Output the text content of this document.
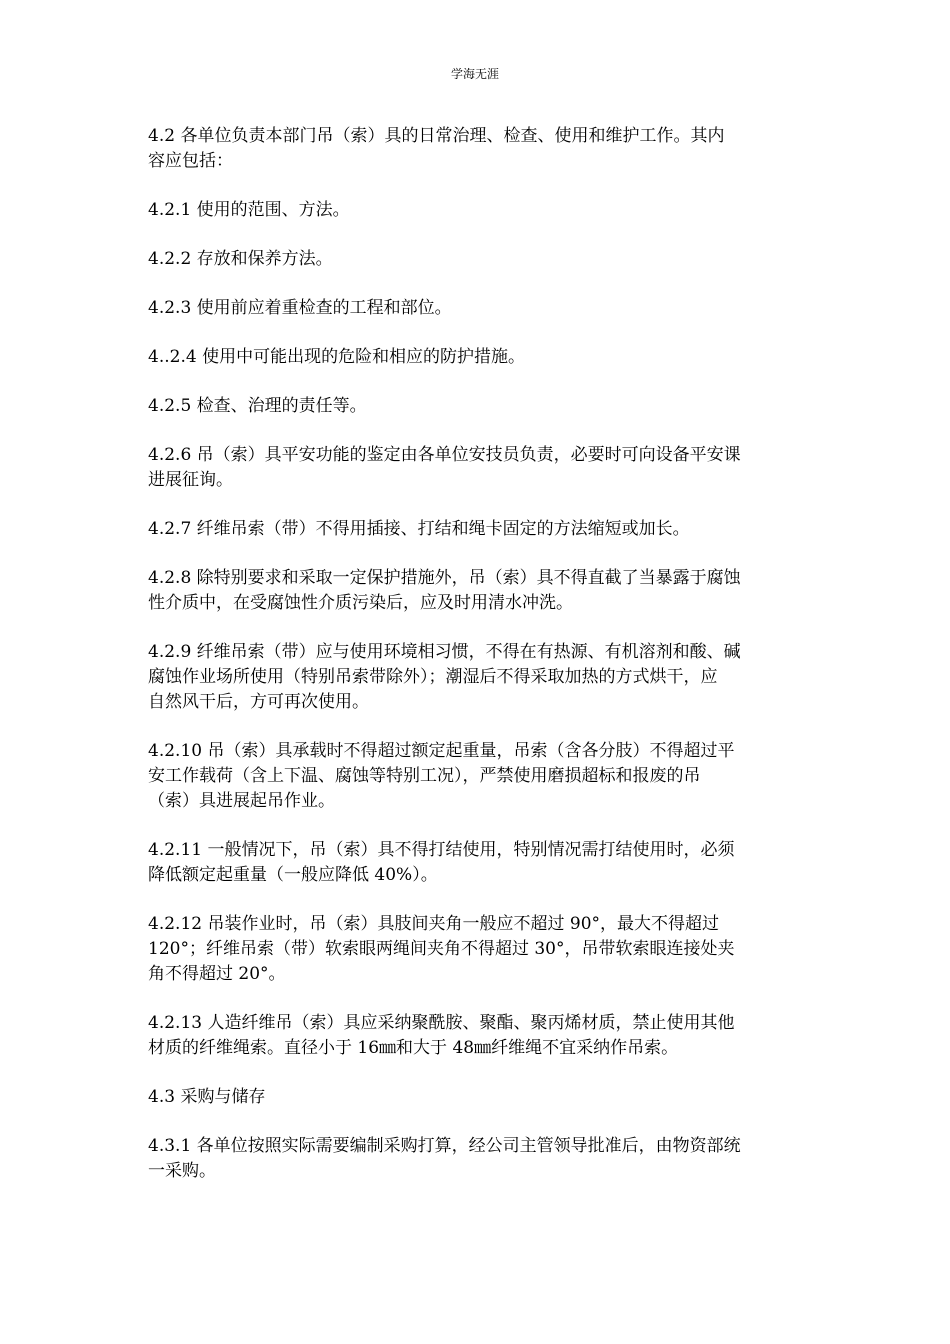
学海无涯

4.2 各单位负责本部门吊（索）具的日常治理、检查、使用和维护工作。其内
容应包括：

4.2.1 使用的范围、方法。

4.2.2 存放和保养方法。

4.2.3 使用前应着重检查的工程和部位。

4..2.4 使用中可能出现的危险和相应的防护措施。

4.2.5 检查、治理的责任等。

4.2.6 吊（索）具平安功能的鉴定由各单位安技员负责，必要时可向设备平安课
进展征询。

4.2.7 纤维吊索（带）不得用插接、打结和绳卡固定的方法缩短或加长。

4.2.8 除特别要求和采取一定保护措施外，吊（索）具不得直截了当暴露于腐蚀
性介质中，在受腐蚀性介质污染后，应及时用清水冲洗。

4.2.9 纤维吊索（带）应与使用环境相习惯，不得在有热源、有机溶剂和酸、碱
腐蚀作业场所使用（特别吊索带除外）；潮湿后不得采取加热的方式烘干，应
自然风干后，方可再次使用。

4.2.10 吊（索）具承载时不得超过额定起重量，吊索（含各分肢）不得超过平
安工作载荷（含上下温、腐蚀等特别工况），严禁使用磨损超标和报废的吊
（索）具进展起吊作业。

4.2.11 一般情况下，吊（索）具不得打结使用，特别情况需打结使用时，必须
降低额定起重量（一般应降低 40%）。

4.2.12 吊装作业时，吊（索）具肢间夹角一般应不超过 90°，最大不得超过
120°；纤维吊索（带）软索眼两绳间夹角不得超过 30°，吊带软索眼连接处夹
角不得超过 20°。

4.2.13 人造纤维吊（索）具应采纳聚酰胺、聚酯、聚丙烯材质，禁止使用其他
材质的纤维绳索。直径小于 16㎜和大于 48㎜纤维绳不宜采纳作吊索。

4.3 采购与储存

4.3.1 各单位按照实际需要编制采购打算，经公司主管领导批准后，由物资部统
一采购。
